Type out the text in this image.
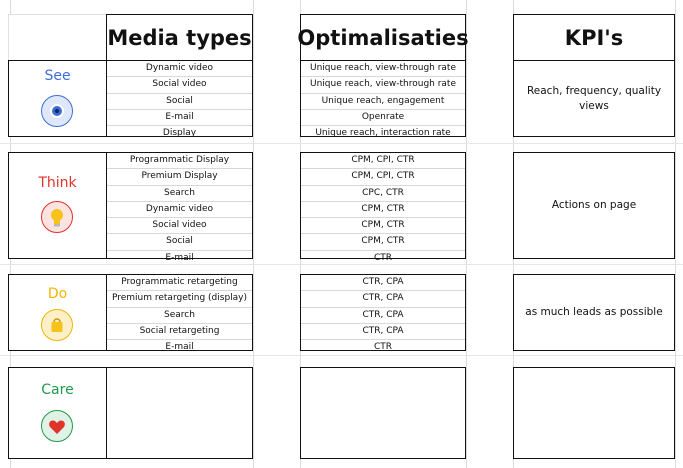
Media types Optimalisaties	KPI's
See	Dynamic video
Social video
Social
E-mail
Display
Unique reach, view-through rate
Unique reach, view-through rate
Unique reach, engagement
Openrate
Unique reach, interaction rate
Reach, frequency, quality views
Think
Programmatic Display
Premium Display
Search
Dynamic video
Social video
Social
E-mail
CPM, CPI, CTR
CPM, CPI, CTR
CPC, CTR
CPM, CTR
CPM, CTR
CPM, CTR
CTR
Actions on page
Do
Programmatic retargeting
Premium retargeting (display)
Search
Social retargeting
E-mail
CTR, CPA
CTR, CPA
CTR, CPA
CTR, CPA
CTR
as much leads as possible
Care
